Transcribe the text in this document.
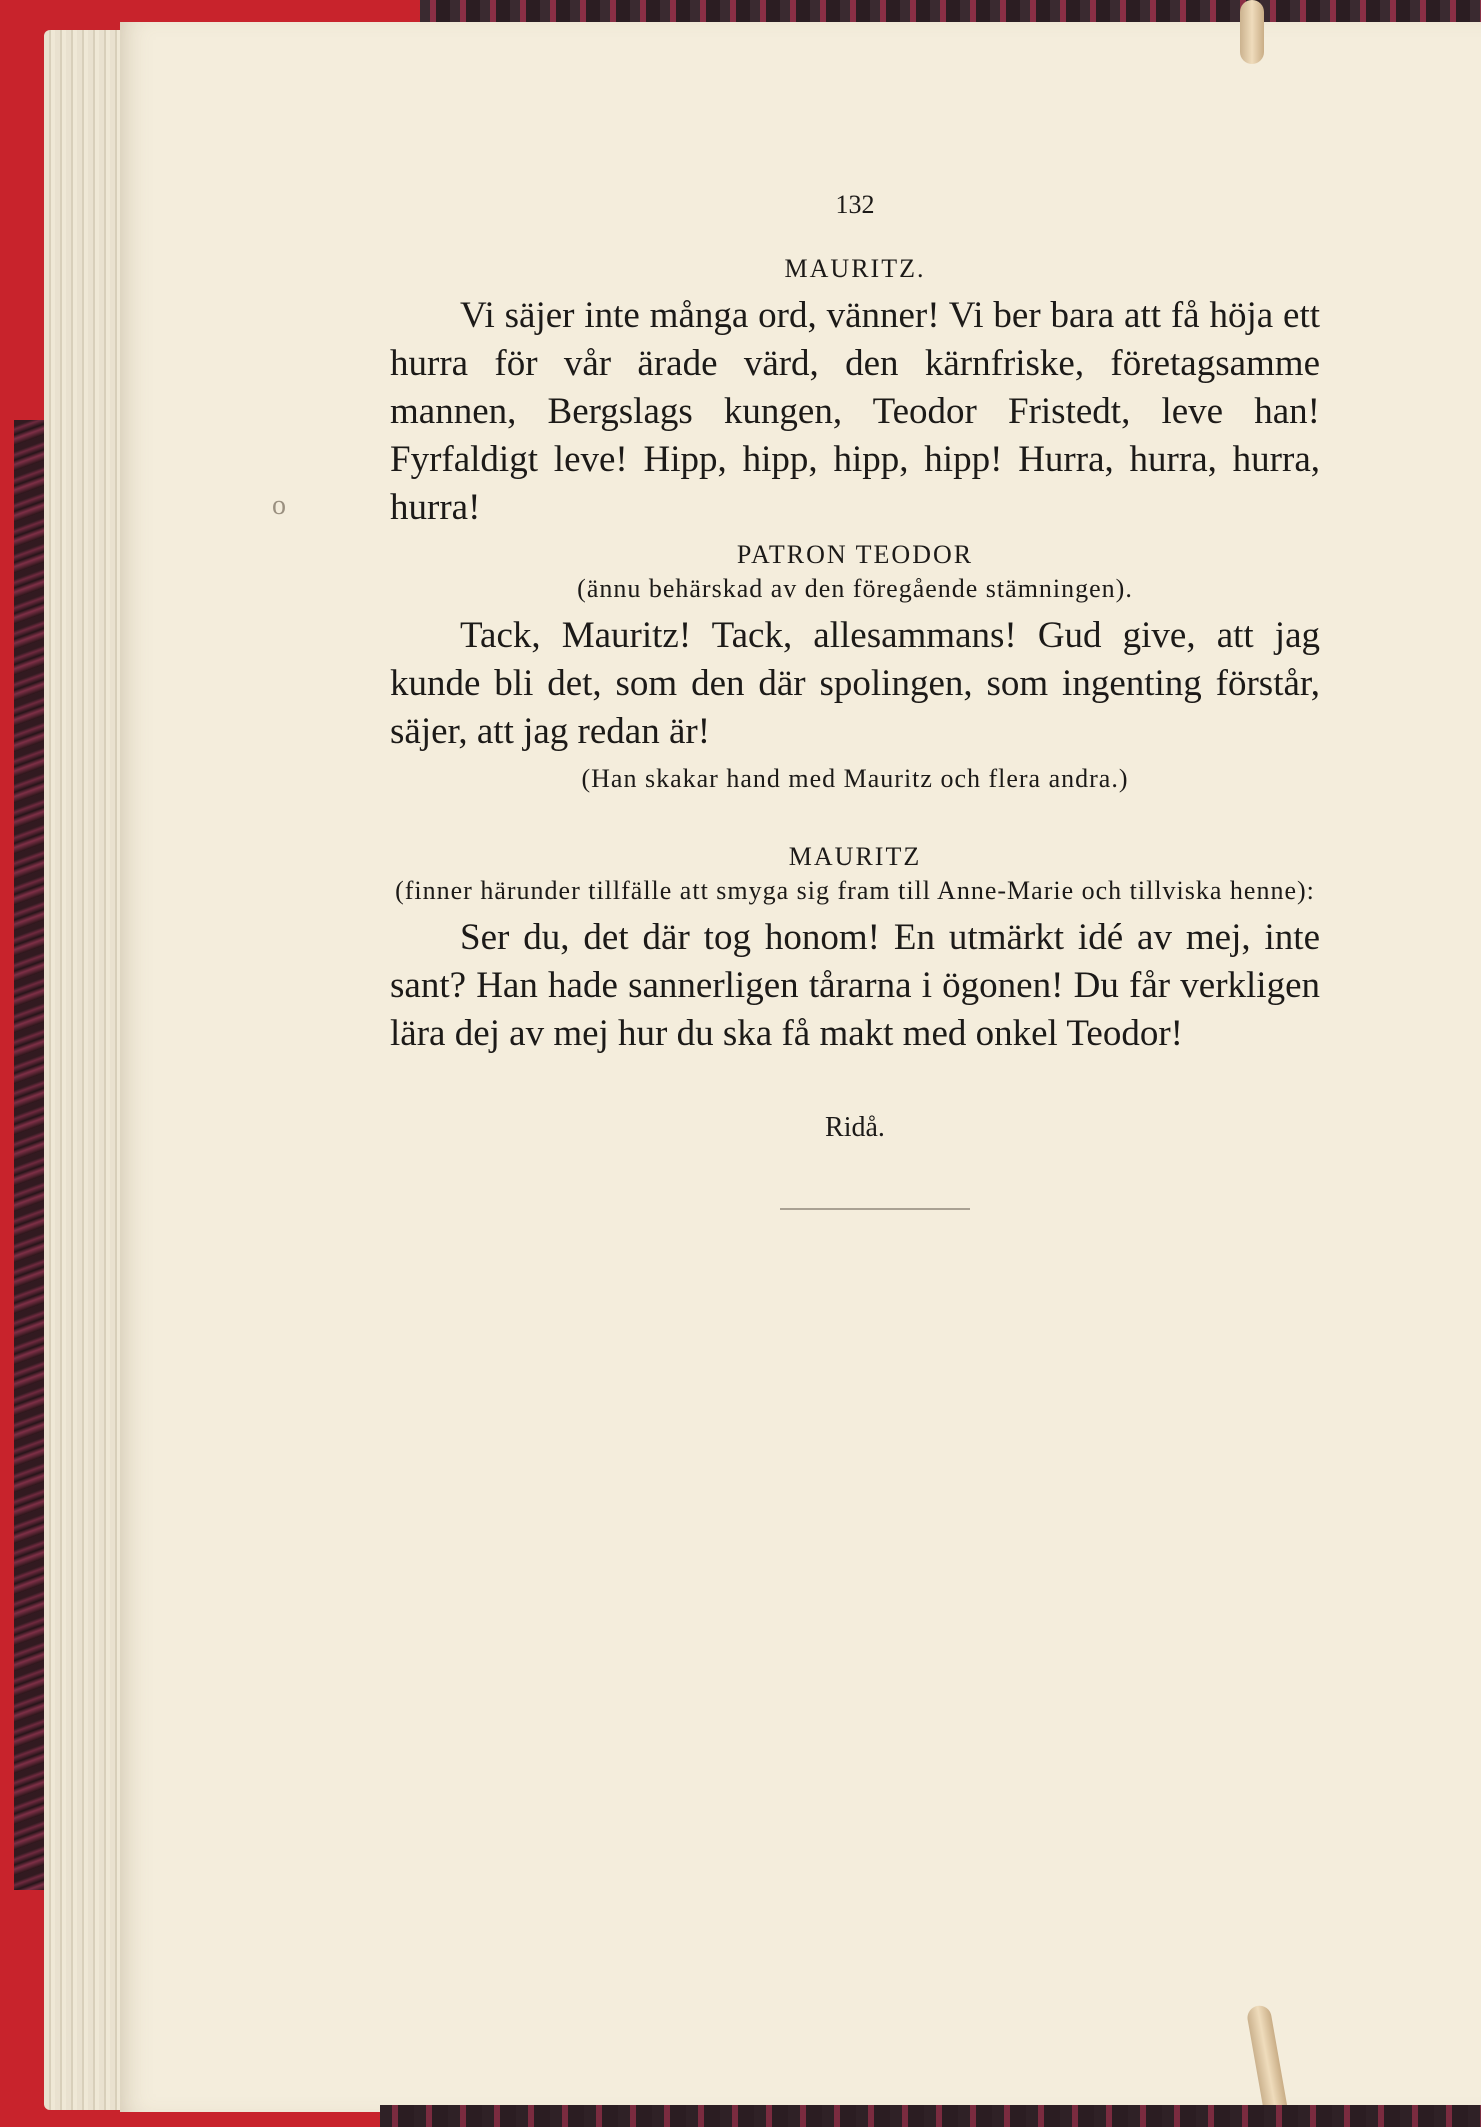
o

132

MAURITZ.

Vi säjer inte många ord, vänner! Vi ber bara att få höja ett hurra för vår ärade värd, den kärnfriske, företagsamme mannen, Bergslags kungen, Teodor Fristedt, leve han! Fyrfaldigt leve! Hipp, hipp, hipp, hipp! Hurra, hurra, hurra, hurra!

PATRON TEODOR

(ännu behärskad av den föregående stämningen).

Tack, Mauritz! Tack, allesammans! Gud give, att jag kunde bli det, som den där spolingen, som ingenting förstår, säjer, att jag redan är!

(Han skakar hand med Mauritz och flera andra.)

MAURITZ

(finner härunder tillfälle att smyga sig fram till Anne-Marie och tillviska henne):

Ser du, det där tog honom! En utmärkt idé av mej, inte sant? Han hade sannerligen tårarna i ögonen! Du får verkligen lära dej av mej hur du ska få makt med onkel Teodor!

Ridå.
